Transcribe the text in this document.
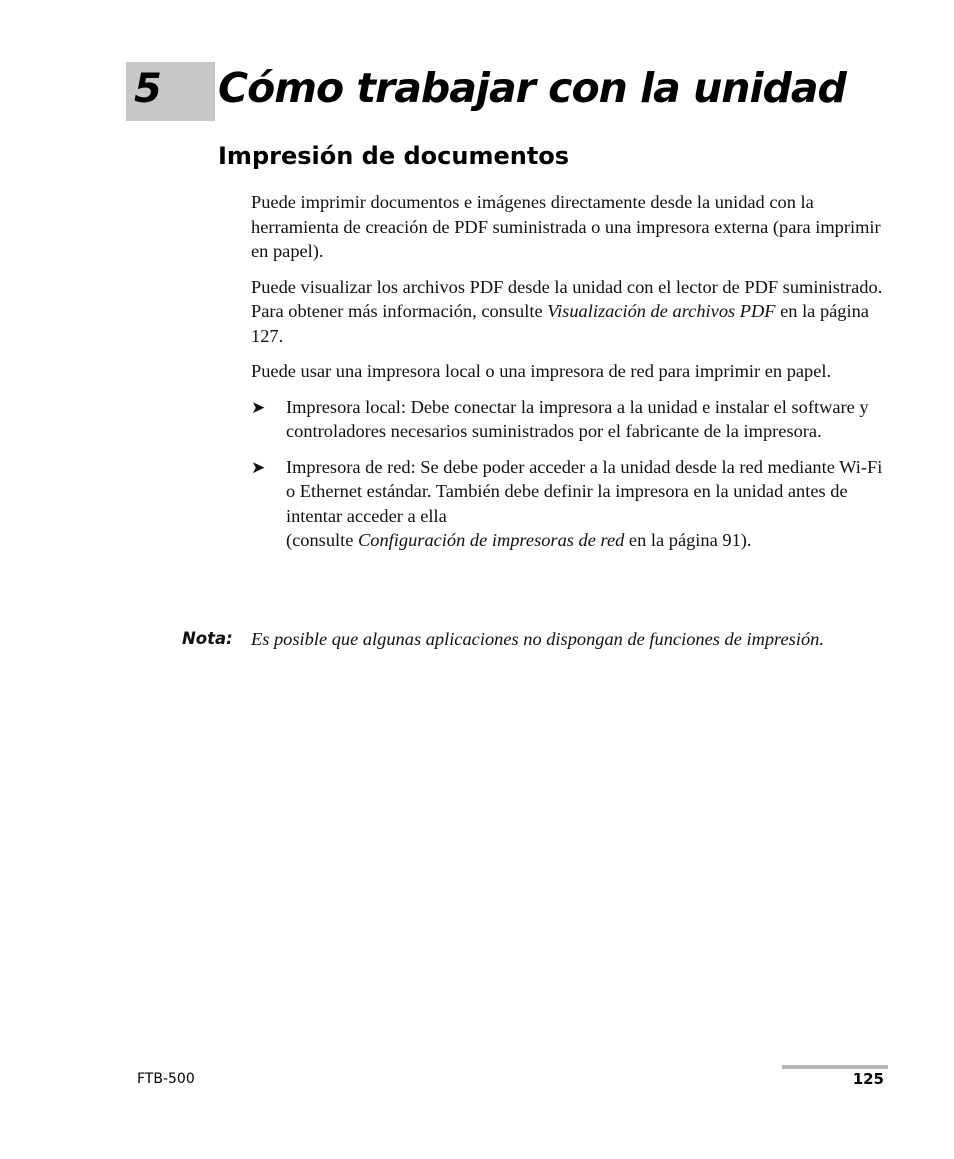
5 Cómo trabajar con la unidad
Impresión de documentos

Puede imprimir documentos e imágenes directamente desde la unidad con la herramienta de creación de PDF suministrada o una impresora externa (para imprimir en papel).

Puede visualizar los archivos PDF desde la unidad con el lector de PDF suministrado. Para obtener más información, consulte Visualización de archivos PDF en la página 127.

Puede usar una impresora local o una impresora de red para imprimir en papel.

➤ Impresora local: Debe conectar la impresora a la unidad e instalar el software y controladores necesarios suministrados por el fabricante de la impresora.
➤ Impresora de red: Se debe poder acceder a la unidad desde la red mediante Wi-Fi o Ethernet estándar. También debe definir la impresora en la unidad antes de intentar acceder a ella
(consulte Configuración de impresoras de red en la página 91).
Nota: Es posible que algunas aplicaciones no dispongan de funciones de impresión.
FTB-500	125
